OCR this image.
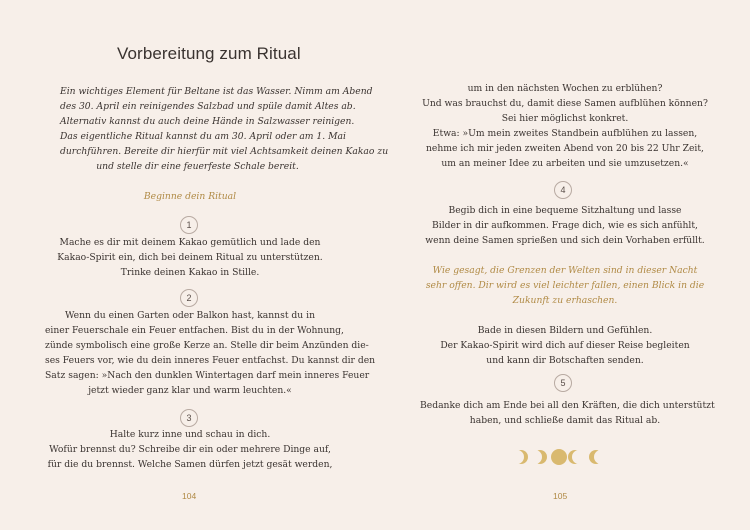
Vorbereitung zum Ritual
Ein wichtiges Element für Beltane ist das Wasser. Nimm am Abend
des 30. April ein reinigendes Salzbad und spüle damit Altes ab.
Alternativ kannst du auch deine Hände in Salzwasser reinigen.
Das eigentliche Ritual kannst du am 30. April oder am 1. Mai
durchführen. Bereite dir hierfür mit viel Achtsamkeit deinen Kakao zu
und stelle dir eine feuerfeste Schale bereit.
Beginne dein Ritual
1
Mache es dir mit deinem Kakao gemütlich und lade den
Kakao-Spirit ein, dich bei deinem Ritual zu unterstützen.
Trinke deinen Kakao in Stille.
2
Wenn du einen Garten oder Balkon hast, kannst du in
einer Feuerschale ein Feuer entfachen. Bist du in der Wohnung,
zünde symbolisch eine große Kerze an. Stelle dir beim Anzünden die-
ses Feuers vor, wie du dein inneres Feuer entfachst. Du kannst dir den
Satz sagen: »Nach den dunklen Wintertagen darf mein inneres Feuer
jetzt wieder ganz klar und warm leuchten.«
3
Halte kurz inne und schau in dich.
Wofür brennst du? Schreibe dir ein oder mehrere Dinge auf,
für die du brennst. Welche Samen dürfen jetzt gesät werden,
104
um in den nächsten Wochen zu erblühen?
Und was brauchst du, damit diese Samen aufblühen können?
Sei hier möglichst konkret.
Etwa: »Um mein zweites Standbein aufblühen zu lassen,
nehme ich mir jeden zweiten Abend von 20 bis 22 Uhr Zeit,
um an meiner Idee zu arbeiten und sie umzusetzen.«
4
Begib dich in eine bequeme Sitzhaltung und lasse
Bilder in dir aufkommen. Frage dich, wie es sich anfühlt,
wenn deine Samen sprießen und sich dein Vorhaben erfüllt.
Wie gesagt, die Grenzen der Welten sind in dieser Nacht
sehr offen. Dir wird es viel leichter fallen, einen Blick in die
Zukunft zu erhaschen.
Bade in diesen Bildern und Gefühlen.
Der Kakao-Spirit wird dich auf dieser Reise begleiten
und kann dir Botschaften senden.
5
Bedanke dich am Ende bei all den Kräften, die dich unterstützt
haben, und schließe damit das Ritual ab.
105
